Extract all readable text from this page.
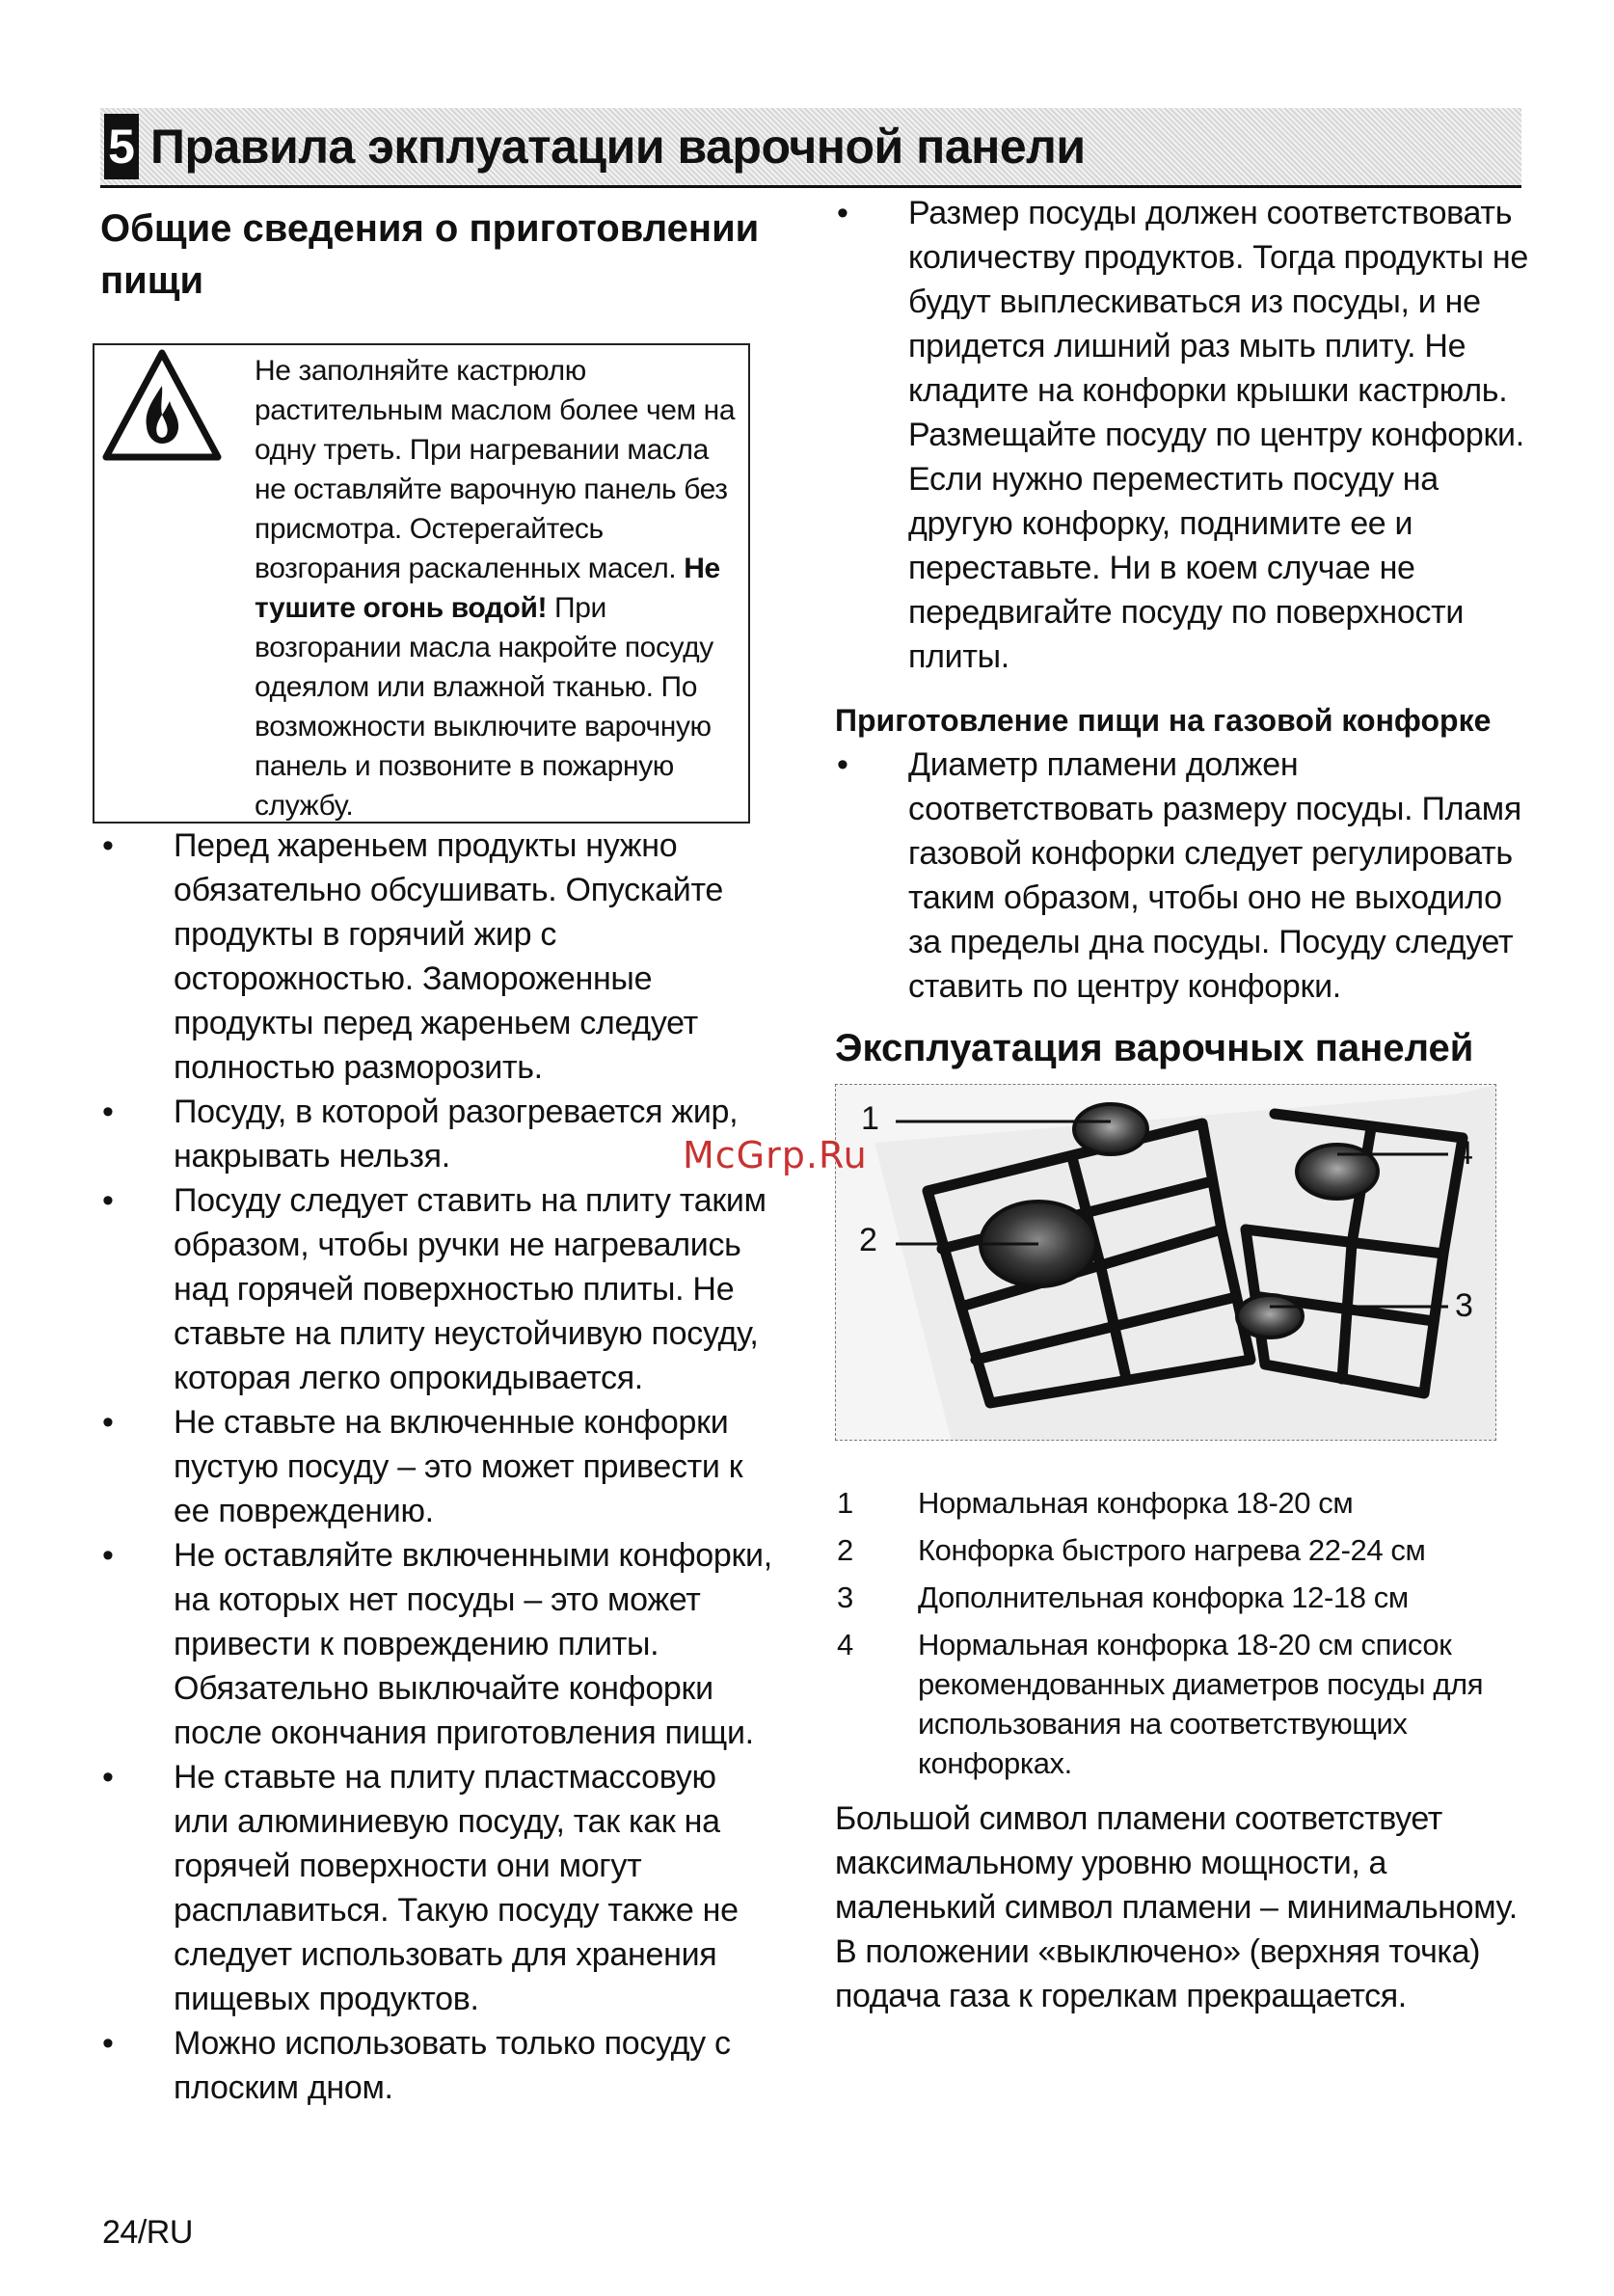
5 Правила экплуатации варочной панели
Общие сведения о приготовлении пищи
Не заполняйте кастрюлю растительным маслом более чем на одну треть. При нагревании масла не оставляйте варочную панель без присмотра. Остерегайтесь возгорания раскаленных масел. Не тушите огонь водой! При возгорании масла накройте посуду одеялом или влажной тканью. По возможности выключите варочную панель и позвоните в пожарную службу.
• Перед жареньем продукты нужно обязательно обсушивать. Опускайте продукты в горячий жир с осторожностью. Замороженные продукты перед жареньем следует полностью разморозить.
• Посуду, в которой разогревается жир, накрывать нельзя.
• Посуду следует ставить на плиту таким образом, чтобы ручки не нагревались над горячей поверхностью плиты. Не ставьте на плиту неустойчивую посуду, которая легко опрокидывается.
• Не ставьте на включенные конфорки пустую посуду – это может привести к ее повреждению.
• Не оставляйте включенными конфорки, на которых нет посуды – это может привести к повреждению плиты. Обязательно выключайте конфорки после окончания приготовления пищи.
• Не ставьте на плиту пластмассовую или алюминиевую посуду, так как на горячей поверхности они могут расплавиться. Такую посуду также не следует использовать для хранения пищевых продуктов.
• Можно использовать только посуду с плоским дном.
• Размер посуды должен соответствовать количеству продуктов. Тогда продукты не будут выплескиваться из посуды, и не придется лишний раз мыть плиту. Не кладите на конфорки крышки кастрюль. Размещайте посуду по центру конфорки. Если нужно переместить посуду на другую конфорку, поднимите ее и переставьте. Ни в коем случае не передвигайте посуду по поверхности плиты.
Приготовление пищи на газовой конфорке
• Диаметр пламени должен соответствовать размеру посуды. Пламя газовой конфорки следует регулировать таким образом, чтобы оно не выходило за пределы дна посуды. Посуду следует ставить по центру конфорки.
Эксплуатация варочных панелей
1
2
3
4
1 Нормальная конфорка 18-20 см
2 Конфорка быстрого нагрева 22-24 см
3 Дополнительная конфорка 12-18 см
4 Нормальная конфорка 18-20 см список рекомендованных диаметров посуды для использования на соответствующих конфорках.
Большой символ пламени соответствует максимальному уровню мощности, а маленький символ пламени – минимальному. В положении «выключено» (верхняя точка) подача газа к горелкам прекращается.
McGrp.Ru
24/RU
